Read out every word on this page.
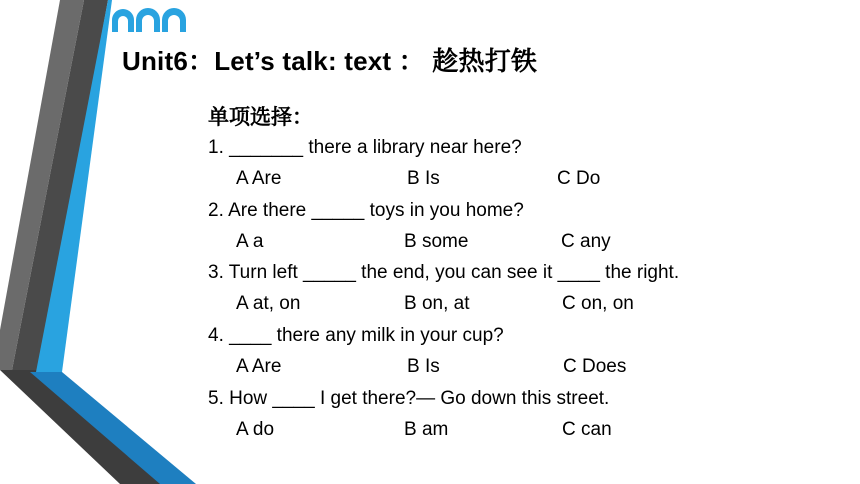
Unit6：Let’s talk: text ： 趁热打铁
单项选择：
1. _______ there a library near here?
A Are	B Is	C Do
2. Are there _____ toys in you home?
A a	B some	C any
3. Turn left _____ the end, you can see it ____ the right.
A at, on	B on, at	C on, on
4. ____ there any milk in your cup?
A Are	B Is	C Does
5. How ____ I get there?— Go down this street.
A do	B am	C can
